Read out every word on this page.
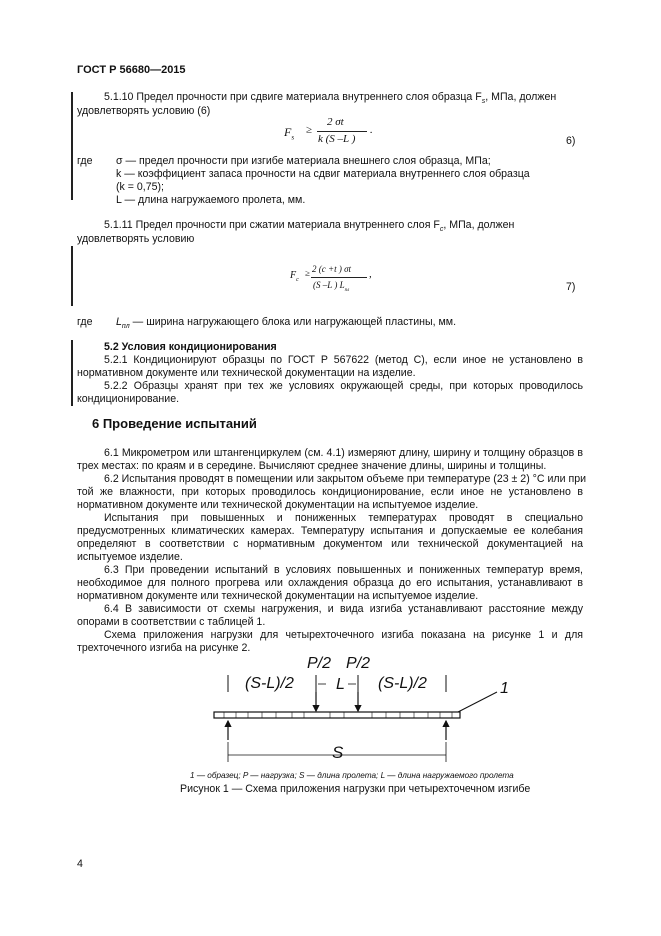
ГОСТ Р 56680—2015
5.1.10 Предел прочности при сдвиге материала внутреннего слоя образца $F_s$, МПа, должен
удовлетворять условию (6)
$F_s$
≥
2 σt
k (S –L )
.
6)
где σ — предел прочности при изгибе материала внешнего слоя образца, МПа;
k — коэффициент запаса прочности на сдвиг материала внутреннего слоя образца
(k = 0,75);
L — длина нагружаемого пролета, мм.
5.1.11 Предел прочности при сжатии материала внутреннего слоя $F_c$, МПа, должен
удовлетворять условию
$F_c$
≥ 2 (c +t ) σt
(S –L ) $L_{пл}$
,
7)
где $L_{пл}$ — ширина нагружающего блока или нагружающей пластины, мм.
5.2 Условия кондиционирования
5.2.1 Кондиционируют образцы по ГОСТ Р 567622 (метод С), если иное не установлено в
нормативном документе или технической документации на изделие.
5.2.2 Образцы хранят при тех же условиях окружающей среды, при которых проводилось
кондиционирование.
6 Проведение испытаний
6.1 Микрометром или штангенциркулем (см. 4.1) измеряют длину, ширину и толщину образцов в
трех местах: по краям и в середине. Вычисляют среднее значение длины, ширины и толщины.
6.2 Испытания проводят в помещении или закрытом объеме при температуре (23 ± 2) °С или при
той же влажности, при которых проводилось кондиционирование, если иное не установлено в
нормативном документе или технической документации на испытуемое изделие.
Испытания при повышенных и пониженных температурах проводят в специально
предусмотренных климатических камерах. Температуру испытания и допускаемые ее колебания
определяют в соответствии с нормативным документом или технической документацией на
испытуемое изделие.
6.3 При проведении испытаний в условиях повышенных и пониженных температур время,
необходимое для полного прогрева или охлаждения образца до его испытания, устанавливают в
нормативном документе или технической документации на испытуемое изделие.
6.4 В зависимости от схемы нагружения, и вида изгиба устанавливают расстояние между
опорами в соответствии с таблицей 1.
Схема приложения нагрузки для четырехточечного изгиба показана на рисунке 1 и для
трехточечного изгиба на рисунке 2.
P/2 P/2
(S-L)/2	L (S-L)/2	1
S
1 — образец; P — нагрузка; S — длина пролета; L — длина нагружаемого пролета
Рисунок 1 — Схема приложения нагрузки при четырехточечном изгибе
4
